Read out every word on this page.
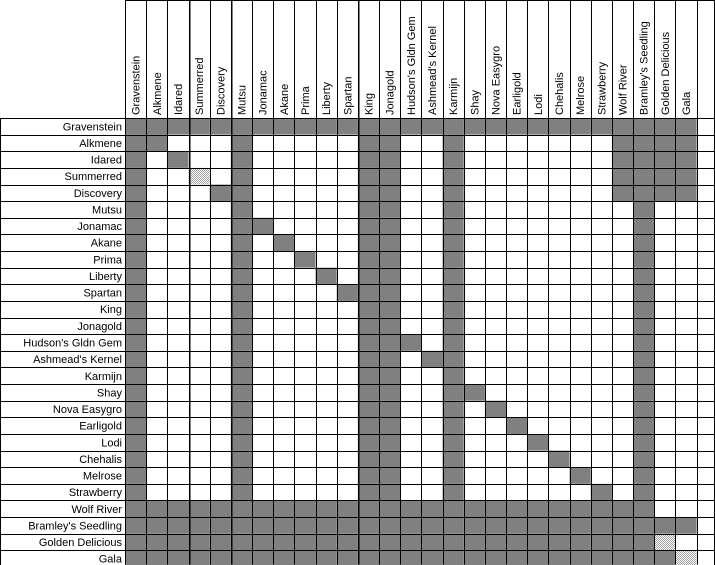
Gravenstein
Alkmene
Idared
Summerred
Discovery
Mutsu
Jonamac
Akane
Prima
Liberty
Spartan
King
Jonagold
Hudson's Gldn Gem
Ashmead's Kernel
Karmijn
Shay
Nova Easygro
Earligold
Lodi
Chehalis
Melrose
Strawberry
Wolf River
Bramley's Seedling
Golden Delicious
Gala
Gravenstein Alkmene Idared Summerred Discovery Mutsu Jonamac Akane Prima Liberty Spartan King Jonagold Hudson's Gldn Gem Ashmead's Kernel Karmijn Shay Nova Easygro Earligold Lodi Chehalis Melrose Strawberry Wolf River Bramley's Seedling Golden Delicious Gala
